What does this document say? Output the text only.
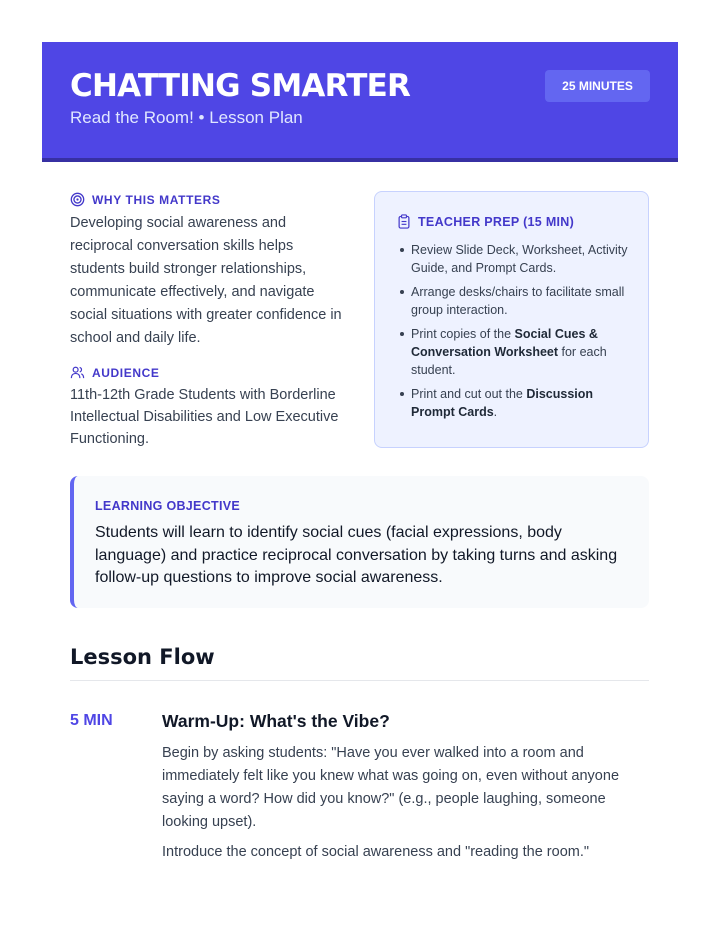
CHATTING SMARTER
Read the Room! • Lesson Plan
25 MINUTES
WHY THIS MATTERS
Developing social awareness and reciprocal conversation skills helps students build stronger relationships, communicate effectively, and navigate social situations with greater confidence in school and daily life.
AUDIENCE
11th-12th Grade Students with Borderline Intellectual Disabilities and Low Executive Functioning.
TEACHER PREP (15 MIN)
Review Slide Deck, Worksheet, Activity Guide, and Prompt Cards.
Arrange desks/chairs to facilitate small group interaction.
Print copies of the Social Cues & Conversation Worksheet for each student.
Print and cut out the Discussion Prompt Cards.
LEARNING OBJECTIVE
Students will learn to identify social cues (facial expressions, body language) and practice reciprocal conversation by taking turns and asking follow-up questions to improve social awareness.
Lesson Flow
5 MIN	Warm-Up: What's the Vibe?

Begin by asking students: "Have you ever walked into a room and immediately felt like you knew what was going on, even without anyone saying a word? How did you know?" (e.g., people laughing, someone looking upset).

Introduce the concept of social awareness and "reading the room."
